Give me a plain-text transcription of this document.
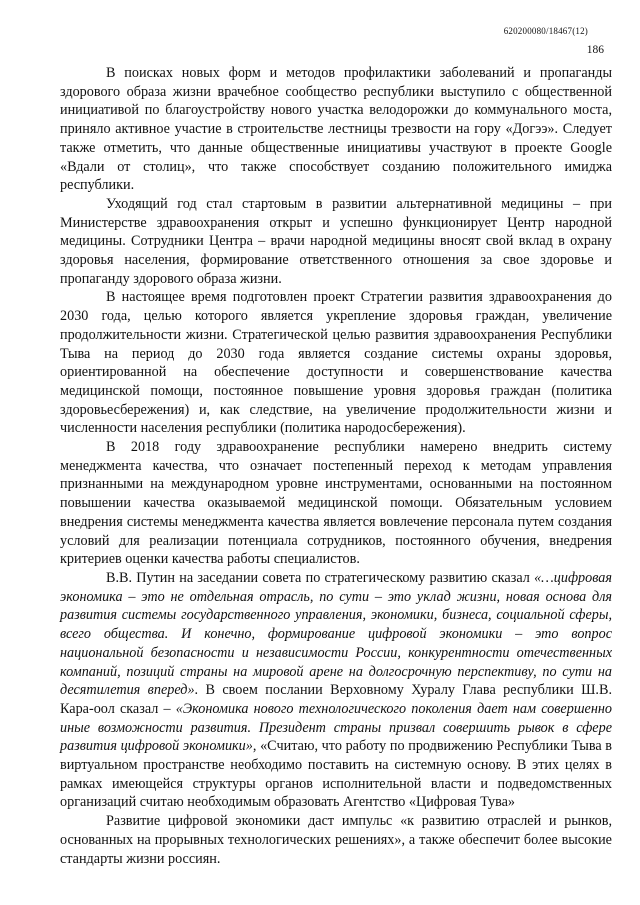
620200080/18467(12)
186

В поисках новых форм и методов профилактики заболеваний и пропаганды здорового образа жизни врачебное сообщество республики выступило с общественной инициативой по благоустройству нового участка велодорожки до коммунального моста, приняло активное участие в строительстве лестницы трезвости на гору «Догээ». Следует также отметить, что данные общественные инициативы участвуют в проекте Google «Вдали от столиц», что также способствует созданию положительного имиджа республики.

Уходящий год стал стартовым в развитии альтернативной медицины – при Министерстве здравоохранения открыт и успешно функционирует Центр народной медицины. Сотрудники Центра – врачи народной медицины вносят свой вклад в охрану здоровья населения, формирование ответственного отношения за свое здоровье и пропаганду здорового образа жизни.

В настоящее время подготовлен проект Стратегии развития здравоохранения до 2030 года, целью которого является укрепление здоровья граждан, увеличение продолжительности жизни. Стратегической целью развития здравоохранения Республики Тыва на период до 2030 года является создание системы охраны здоровья, ориентированной на обеспечение доступности и совершенствование качества медицинской помощи, постоянное повышение уровня здоровья граждан (политика здоровьесбережения) и, как следствие, на увеличение продолжительности жизни и численности населения республики (политика народосбережения).

В 2018 году здравоохранение республики намерено внедрить систему менеджмента качества, что означает постепенный переход к методам управления признанными на международном уровне инструментами, основанными на постоянном повышении качества оказываемой медицинской помощи. Обязательным условием внедрения системы менеджмента качества является вовлечение персонала путем создания условий для реализации потенциала сотрудников, постоянного обучения, внедрения критериев оценки качества работы специалистов.

В.В. Путин на заседании совета по стратегическому развитию сказал «…цифровая экономика – это не отдельная отрасль, по сути – это уклад жизни, новая основа для развития системы государственного управления, экономики, бизнеса, социальной сферы, всего общества. И конечно, формирование цифровой экономики – это вопрос национальной безопасности и независимости России, конкурентности отечественных компаний, позиций страны на мировой арене на долгосрочную перспективу, по сути на десятилетия вперед». В своем послании Верховному Хуралу Глава республики Ш.В. Кара-оол сказал – «Экономика нового технологического поколения дает нам совершенно иные возможности развития. Президент страны призвал совершить рывок в сфере развития цифровой экономики», «Считаю, что работу по продвижению Республики Тыва в виртуальном пространстве необходимо поставить на системную основу. В этих целях в рамках имеющейся структуры органов исполнительной власти и подведомственных организаций считаю необходимым образовать Агентство «Цифровая Тува»

Развитие цифровой экономики даст импульс «к развитию отраслей и рынков, основанных на прорывных технологических решениях», а также обеспечит более высокие стандарты жизни россиян.
